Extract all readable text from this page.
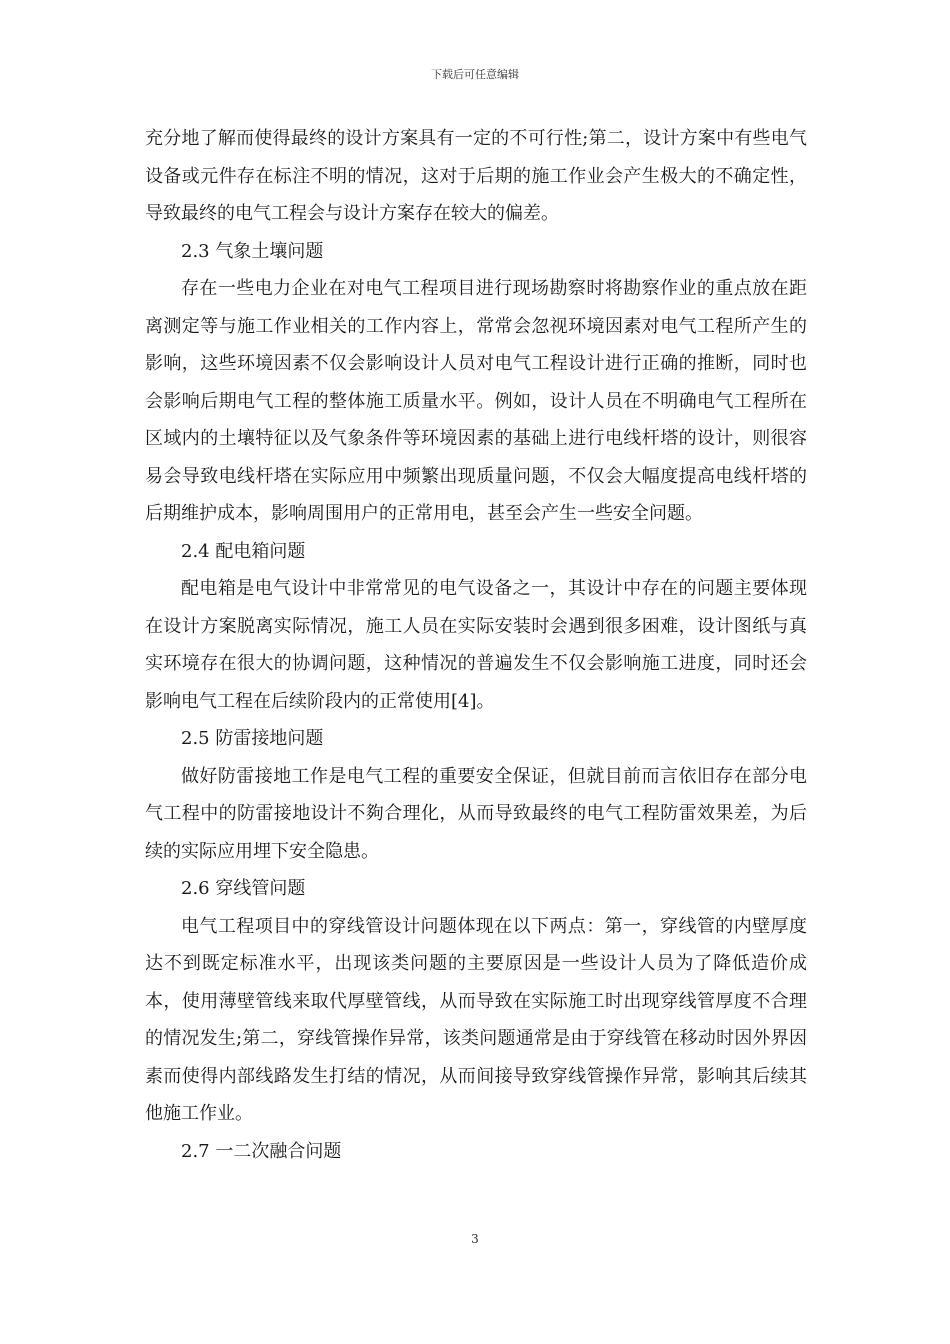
下载后可任意编辑

充分地了解而使得最终的设计方案具有一定的不可行性;第二，设计方案中有些电气设备或元件存在标注不明的情况，这对于后期的施工作业会产生极大的不确定性，导致最终的电气工程会与设计方案存在较大的偏差。

2.3 气象土壤问题

存在一些电力企业在对电气工程项目进行现场勘察时将勘察作业的重点放在距离测定等与施工作业相关的工作内容上，常常会忽视环境因素对电气工程所产生的影响，这些环境因素不仅会影响设计人员对电气工程设计进行正确的推断，同时也会影响后期电气工程的整体施工质量水平。例如，设计人员在不明确电气工程所在区域内的土壤特征以及气象条件等环境因素的基础上进行电线杆塔的设计，则很容易会导致电线杆塔在实际应用中频繁出现质量问题，不仅会大幅度提高电线杆塔的后期维护成本，影响周围用户的正常用电，甚至会产生一些安全问题。

2.4 配电箱问题

配电箱是电气设计中非常常见的电气设备之一，其设计中存在的问题主要体现在设计方案脱离实际情况，施工人员在实际安装时会遇到很多困难，设计图纸与真实环境存在很大的协调问题，这种情况的普遍发生不仅会影响施工进度，同时还会影响电气工程在后续阶段内的正常使用[4]。

2.5 防雷接地问题

做好防雷接地工作是电气工程的重要安全保证，但就目前而言依旧存在部分电气工程中的防雷接地设计不夠合理化，从而导致最终的电气工程防雷效果差，为后续的实际应用埋下安全隐患。

2.6 穿线管问题

电气工程项目中的穿线管设计问题体现在以下两点：第一，穿线管的内壁厚度达不到既定标准水平，出现该类问题的主要原因是一些设计人员为了降低造价成本，使用薄壁管线来取代厚壁管线，从而导致在实际施工时出现穿线管厚度不合理的情况发生;第二，穿线管操作异常，该类问题通常是由于穿线管在移动时因外界因素而使得内部线路发生打结的情况，从而间接导致穿线管操作异常，影响其后续其他施工作业。

2.7 一二次融合问题

3
